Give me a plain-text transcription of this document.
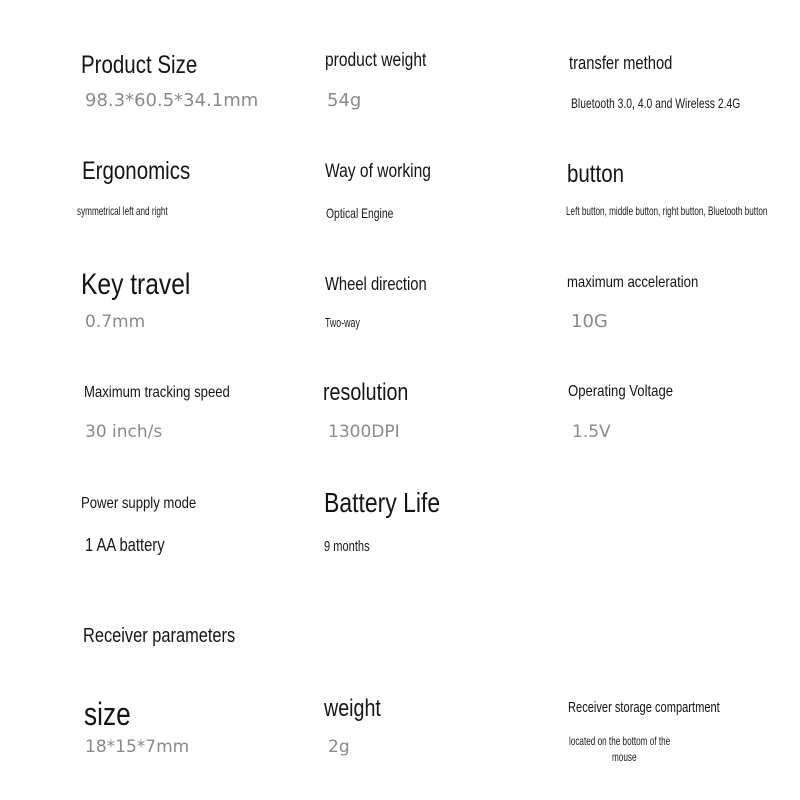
Product Size
98.3*60.5*34.1mm
product weight
54g
transfer method
Bluetooth 3.0, 4.0 and Wireless 2.4G
Ergonomics
symmetrical left and right
Way of working
Optical Engine
button
Left button, middle button, right button, Bluetooth button
Key travel
0.7mm
Wheel direction
Two-way
maximum acceleration
10G
Maximum tracking speed
30 inch/s
resolution
1300DPI
Operating Voltage
1.5V
Power supply mode
1 AA battery
Battery Life
9 months
Receiver parameters
size
18*15*7mm
weight
2g
Receiver storage compartment
located on the bottom of the
mouse
